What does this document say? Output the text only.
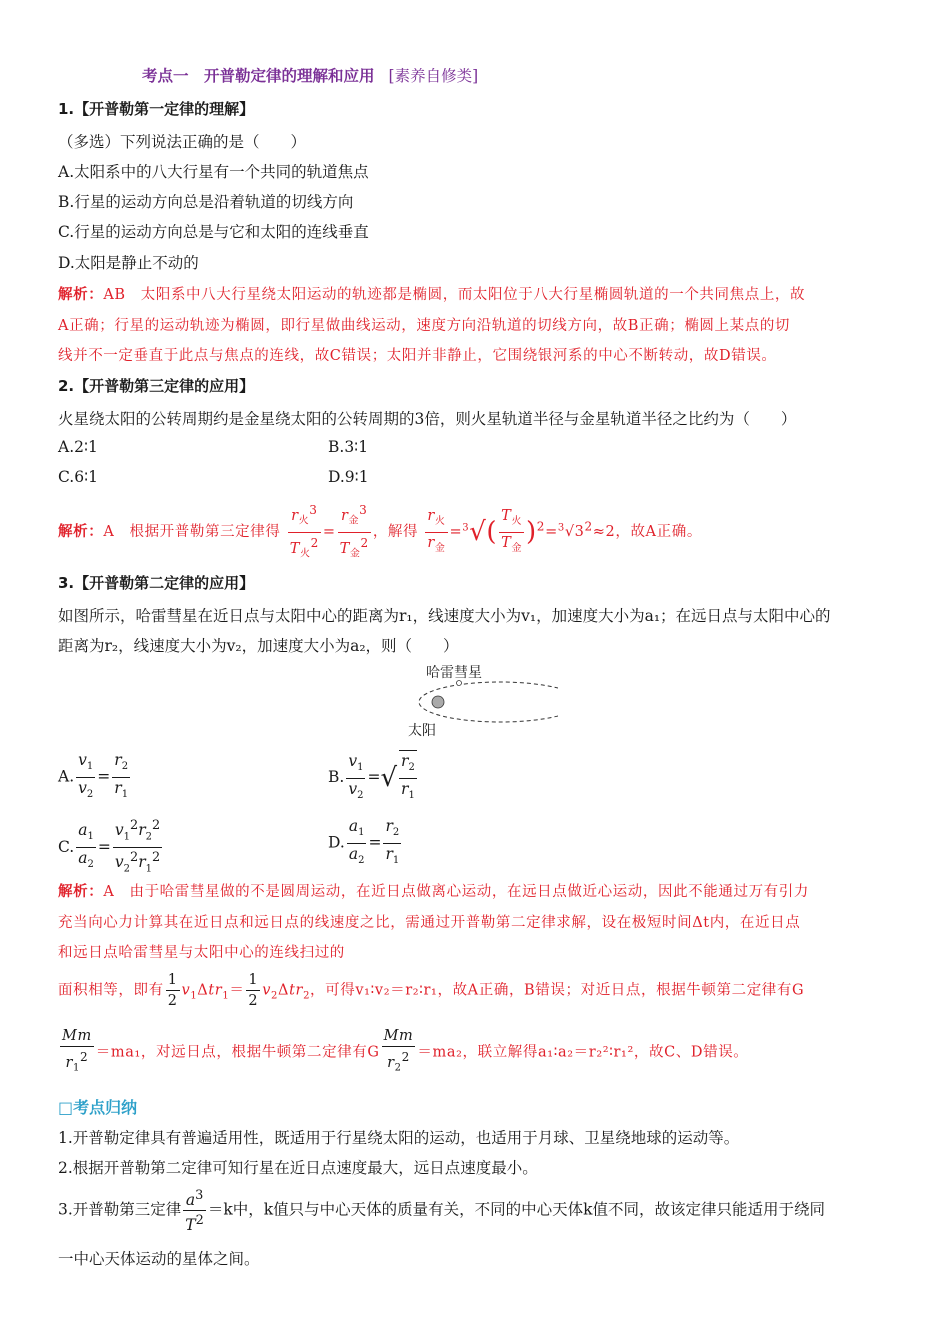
考点一　开普勒定律的理解和应用 [素养自修类]
1.【开普勒第一定律的理解】
（多选）下列说法正确的是（　　）
A.太阳系中的八大行星有一个共同的轨道焦点
B.行星的运动方向总是沿着轨道的切线方向
C.行星的运动方向总是与它和太阳的连线垂直
D.太阳是静止不动的
解析：AB　太阳系中八大行星绕太阳运动的轨迹都是椭圆，而太阳位于八大行星椭圆轨道的一个共同焦点上，故
A正确；行星的运动轨迹为椭圆，即行星做曲线运动，速度方向沿轨道的切线方向，故B正确；椭圆上某点的切
线并不一定垂直于此点与焦点的连线，故C错误；太阳并非静止，它围绕银河系的中心不断转动，故D错误。
2.【开普勒第三定律的应用】
火星绕太阳的公转周期约是金星绕太阳的公转周期的3倍，则火星轨道半径与金星轨道半径之比约为（　　）
A.2∶1	B.3∶1
C.6∶1	D.9∶1
解析：A　根据开普勒第三定律得 $\frac{r_火^3}{T_火^2} = \frac{r_金^3}{T_金^2}$ ，解得 $\frac{r_火}{r_金} =^3√( \frac{T_火}{T_金} )^2=^3√3^2\approx 2$，故A正确。
3.【开普勒第二定律的应用】
如图所示，哈雷彗星在近日点与太阳中心的距离为r₁，线速度大小为v₁，加速度大小为a₁；在远日点与太阳中心的
距离为r₂，线速度大小为v₂，加速度大小为a₂，则（　　）
哈雷彗星
太阳
A. $\frac{v_1}{v_2} = \frac{r_2}{r_1}$	B. $\frac{v_1}{v_2}$ =√ $\frac{r_2}{r_1}$
C. $\frac{a_1}{a_2} = \frac{v_1^2r_2^2}{v_2^2r_1^2}$	D. $\frac{a_1}{a_2} = \frac{r_2}{r_1}$
解析：A　由于哈雷彗星做的不是圆周运动，在近日点做离心运动，在远日点做近心运动，因此不能通过万有引力
充当向心力计算其在近日点和远日点的线速度之比，需通过开普勒第二定律求解，设在极短时间Δt内，在近日点
和远日点哈雷彗星与太阳中心的连线扫过的
面积相等，即有 $\frac{1}{2} v_1\Delta tr_1= \frac{1}{2} v_2\Delta tr_2$，可得v₁∶v₂＝r₂∶r₁，故A正确，B错误；对近日点，根据牛顿第二定律有G
$\frac{Mm}{r_1^2} =ma_1$，对远日点，根据牛顿第二定律有G $\frac{Mm}{r_2^2} =ma_2$，联立解得a₁∶a₂＝r₂²∶r₁²，故C、D错误。
□考点归纳
1.开普勒定律具有普遍适用性，既适用于行星绕太阳的运动，也适用于月球、卫星绕地球的运动等。
2.根据开普勒第二定律可知行星在近日点速度最大，远日点速度最小。
3.开普勒第三定律 $\frac{a^3}{T^2} =k$中，k值只与中心天体的质量有关，不同的中心天体k值不同，故该定律只能适用于绕同
一中心天体运动的星体之间。
